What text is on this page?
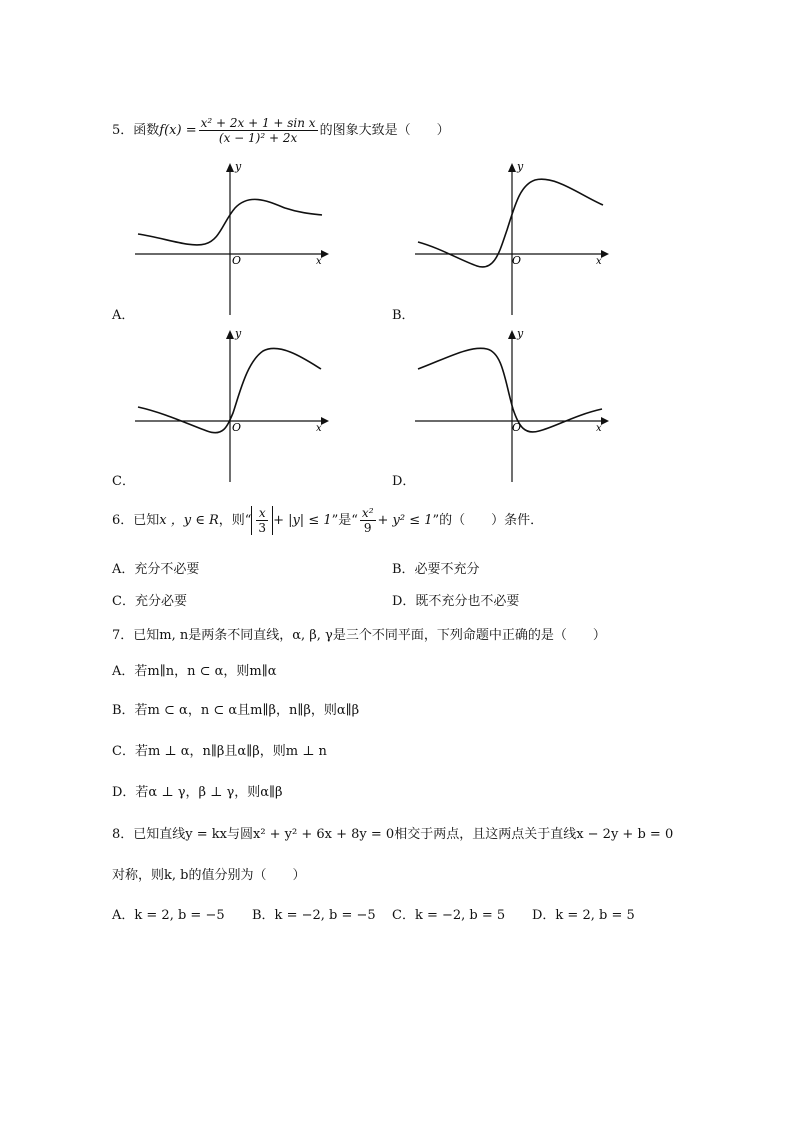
5．函数$f(x) = \frac{\text{x² + 2x + 1 + sin x}}{\text{(x − 1)² + 2x}}$ 的图象大致是（　　）
y
x
O
A．
y
x
O
B．
y
x
O
C．
y
x
O
D．
6．已知x ，y ∈ R，则“ $\frac{x}{3} + |y| \le 1$”是“ $\frac{\text{x²}}{9} + y^2 \le 1$”的（　　）条件．
A．充分不必要	B．必要不充分
C．充分必要	D．既不充分也不必要
7．已知m, n是两条不同直线，α, β, γ是三个不同平面，下列命题中正确的是（　　）
A．若m∥n，n ⊂ α，则m∥α
B．若m ⊂ α，n ⊂ α且m∥β，n∥β，则α∥β
C．若m ⊥ α，n∥β且α∥β，则m ⊥ n
D．若α ⊥ γ，β ⊥ γ，则α∥β
8．已知直线y = kx与圆x² + y² + 6x + 8y = 0相交于两点，且这两点关于直线x − 2y + b = 0
对称，则k, b的值分别为（　　）
A．k = 2, b = −5 B．k = −2, b = −5 C．k = −2, b = 5 D．k = 2, b = 5
